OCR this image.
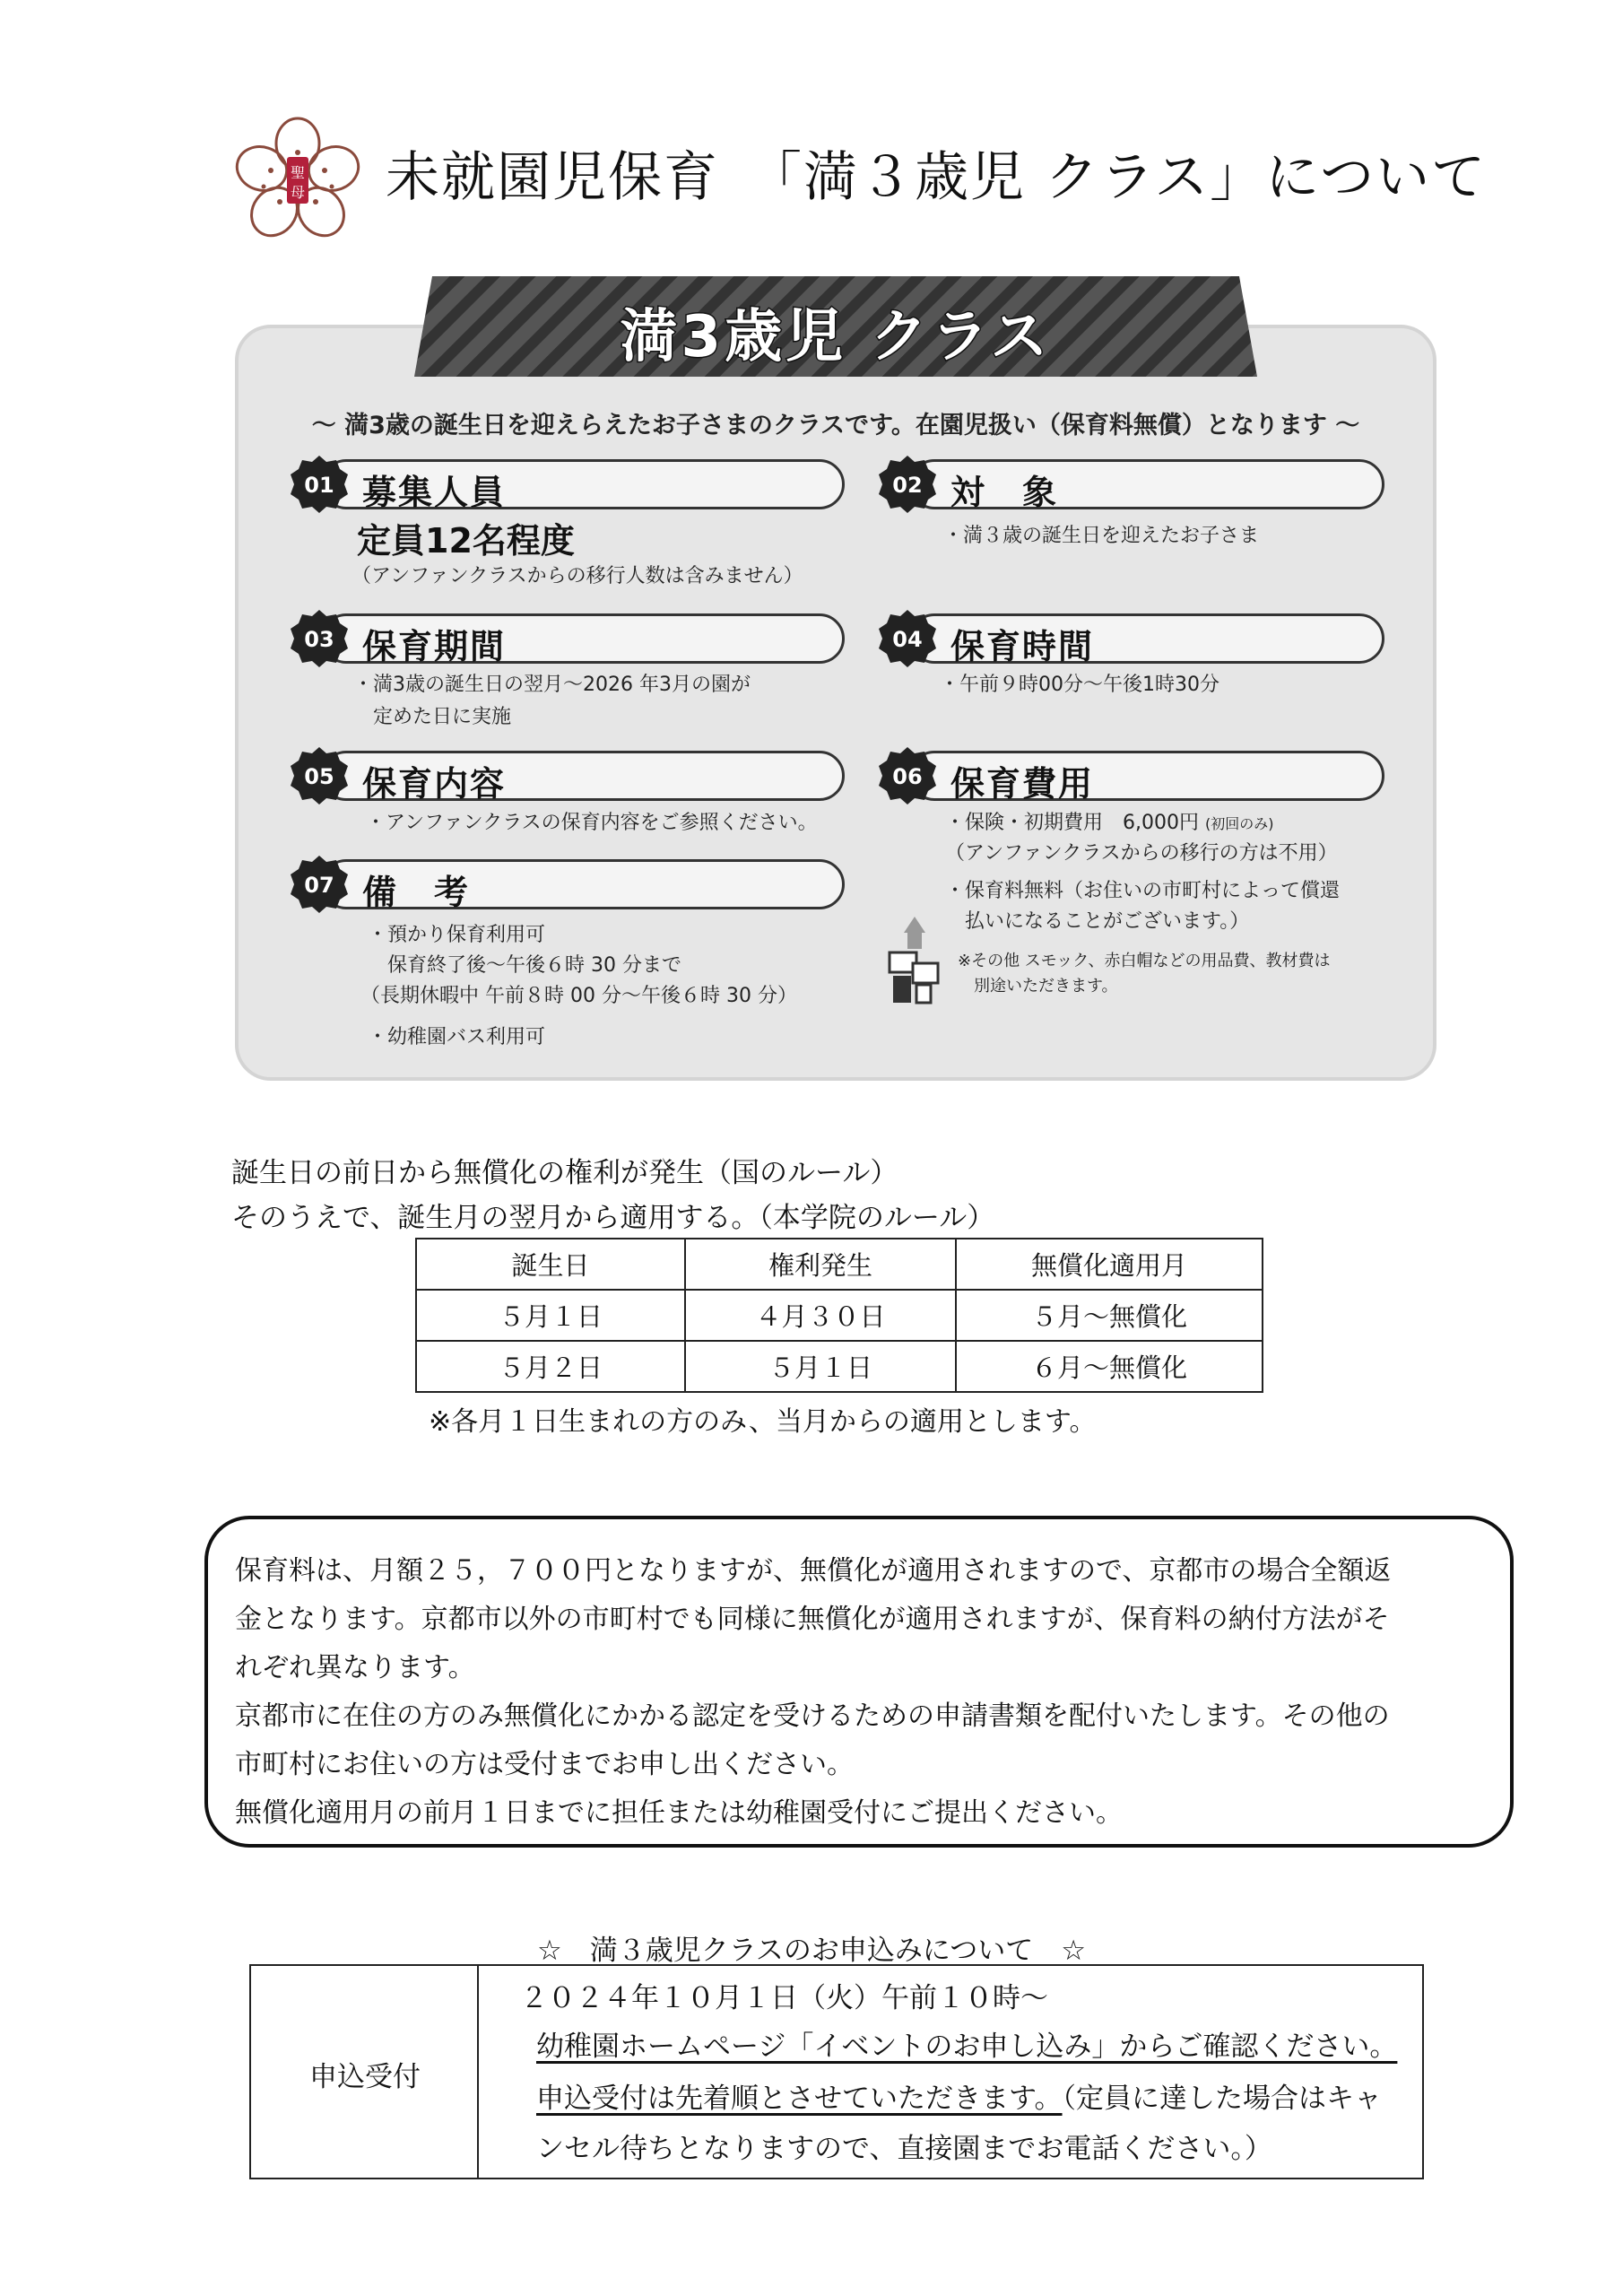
聖
母 未就園児保育　「満３歳児 クラス」について
満3歳児 クラス
～ 満3歳の誕生日を迎えらえたお子さまのクラスです。在園児扱い（保育料無償）となります ～
01 募集人員
定員12名程度
（アンファンクラスからの移行人数は含みません）
02 対　象
・満３歳の誕生日を迎えたお子さま
03 保育期間
・満3歳の誕生日の翌月～2026 年3月の園が
　定めた日に実施
04 保育時間
・午前９時00分～午後1時30分
05 保育内容
・アンファンクラスの保育内容をご参照ください。
06 保育費用
・保険・初期費用　6,000円 (初回のみ)
（アンファンクラスからの移行の方は不用）
・保育料無料（お住いの市町村によって償還
　払いになることがございます。）
※その他 スモック、赤白帽などの用品費、教材費は
　別途いただきます。
07 備　考
・預かり保育利用可
　保育終了後～午後６時 30 分まで
（長期休暇中 午前８時 00 分～午後６時 30 分）
・幼稚園バス利用可
誕生日の前日から無償化の権利が発生（国のルール）
そのうえで、誕生月の翌月から適用する。（本学院のルール）
誕生日	権利発生	無償化適用月
５月１日	４月３０日	５月～無償化
５月２日	５月１日	６月～無償化
※各月１日生まれの方のみ、当月からの適用とします。
保育料は、月額２５，７００円となりますが、無償化が適用されますので、京都市の場合全額返
金となります。京都市以外の市町村でも同様に無償化が適用されますが、保育料の納付方法がそ
れぞれ異なります。
京都市に在住の方のみ無償化にかかる認定を受けるための申請書類を配付いたします。その他の
市町村にお住いの方は受付までお申し出ください。
無償化適用月の前月１日までに担任または幼稚園受付にご提出ください。
☆　満３歳児クラスのお申込みについて　☆
申込受付
２０２４年１０月１日（火）午前１０時～
幼稚園ホームページ「イベントのお申し込み」からご確認ください。
申込受付は先着順とさせていただきます。（定員に達した場合はキャ
ンセル待ちとなりますので、直接園までお電話ください。）
